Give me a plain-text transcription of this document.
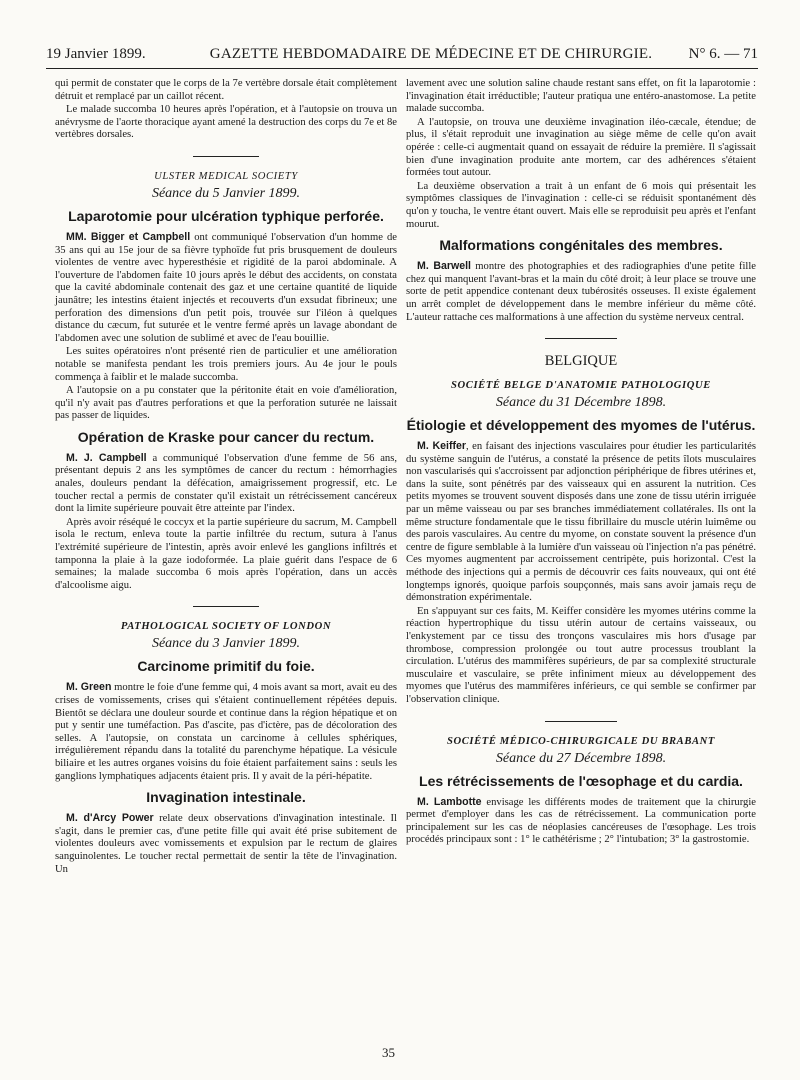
19 Janvier 1899.	GAZETTE HEBDOMADAIRE DE MÉDECINE ET DE CHIRURGIE.	N° 6. — 71

qui permit de constater que le corps de la 7e vertèbre dorsale était complètement détruit et remplacé par un caillot récent.

Le malade succomba 10 heures après l'opération, et à l'autopsie on trouva un anévrysme de l'aorte thoracique ayant amené la destruction des corps du 7e et 8e vertèbres dorsales.

ULSTER MEDICAL SOCIETY
Séance du 5 Janvier 1899.
Laparotomie pour ulcération typhique perforée.

MM. Bigger et Campbell ont communiqué l'observation d'un homme de 35 ans qui au 15e jour de sa fièvre typhoïde fut pris brusquement de douleurs violentes de ventre avec hyperesthésie et rigidité de la paroi abdominale. A l'ouverture de l'abdomen faite 10 jours après le début des accidents, on constata que la cavité abdominale contenait des gaz et une certaine quantité de liquide jaunâtre; les intestins étaient injectés et recouverts d'un exsudat fibrineux; une perforation des dimensions d'un petit pois, trouvée sur l'iléon à quelques distance du cæcum, fut suturée et le ventre fermé après un lavage abondant de l'abdomen avec une solution de sublimé et avec de l'eau bouillie.

Les suites opératoires n'ont présenté rien de particulier et une amélioration notable se manifesta pendant les trois premiers jours. Au 4e jour le pouls commença à faiblir et le malade succomba.

A l'autopsie on a pu constater que la péritonite était en voie d'amélioration, qu'il n'y avait pas d'autres perforations et que la perforation suturée ne laissait pas passer de liquides.

Opération de Kraske pour cancer du rectum.

M. J. Campbell a communiqué l'observation d'une femme de 56 ans, présentant depuis 2 ans les symptômes de cancer du rectum : hémorrhagies anales, douleurs pendant la défécation, amaigrissement progressif, etc. Le toucher rectal a permis de constater qu'il existait un rétrécissement cancéreux dont la limite supérieure pouvait être atteinte par l'index.

Après avoir réséqué le coccyx et la partie supérieure du sacrum, M. Campbell isola le rectum, enleva toute la partie infiltrée du rectum, sutura à l'anus l'extrémité supérieure de l'intestin, après avoir enlevé les ganglions infiltrés et tamponna la plaie à la gaze iodoformée. La plaie guérit dans l'espace de 6 semaines; la malade succomba 6 mois après l'opération, dans un accès d'alcoolisme aigu.

PATHOLOGICAL SOCIETY OF LONDON
Séance du 3 Janvier 1899.
Carcinome primitif du foie.

M. Green montre le foie d'une femme qui, 4 mois avant sa mort, avait eu des crises de vomissements, crises qui s'étaient continuellement répétées depuis. Bientôt se déclara une douleur sourde et continue dans la région hépatique et on put y sentir une tuméfaction. Pas d'ascite, pas d'ictère, pas de décoloration des selles. A l'autopsie, on constata un carcinome à cellules sphériques, irrégulièrement répandu dans la totalité du parenchyme hépatique. La vésicule biliaire et les autres organes voisins du foie étaient parfaitement sains : seuls les ganglions lymphatiques adjacents étaient pris. Il y avait de la péri-hépatite.

Invagination intestinale.

M. d'Arcy Power relate deux observations d'invagination intestinale. Il s'agit, dans le premier cas, d'une petite fille qui avait été prise subitement de violentes douleurs avec vomissements et expulsion par le rectum de glaires sanguinolentes. Le toucher rectal permettait de sentir la tête de l'invagination. Un

lavement avec une solution saline chaude restant sans effet, on fit la laparotomie : l'invagination était irréductible; l'auteur pratiqua une entéro-anastomose. La petite malade succomba.

A l'autopsie, on trouva une deuxième invagination iléo-cæcale, étendue; de plus, il s'était reproduit une invagination au siège même de celle qu'on avait opérée : celle-ci augmentait quand on essayait de réduire la première. Il s'agissait bien d'une invagination produite ante mortem, car des adhérences s'étaient formées tout autour.

La deuxième observation a trait à un enfant de 6 mois qui présentait les symptômes classiques de l'invagination : celle-ci se réduisit spontanément dès qu'on y toucha, le ventre étant ouvert. Mais elle se reproduisit peu après et l'enfant mourut.

Malformations congénitales des membres.

M. Barwell montre des photographies et des radiographies d'une petite fille chez qui manquent l'avant-bras et la main du côté droit; à leur place se trouve une sorte de petit appendice contenant deux tubérosités osseuses. Il existe également un arrêt complet de développement dans le membre inférieur du même côté. L'auteur rattache ces malformations à une affection du système nerveux central.

BELGIQUE
SOCIÉTÉ BELGE D'ANATOMIE PATHOLOGIQUE
Séance du 31 Décembre 1898.
Étiologie et développement des myomes de l'utérus.

M. Keiffer, en faisant des injections vasculaires pour étudier les particularités du système sanguin de l'utérus, a constaté la présence de petits îlots musculaires non vascularisés qui s'accroissent par adjonction périphérique de fibres utérines et, dans la suite, sont pénétrés par des vaisseaux qui en assurent la nutrition. Ces petits myomes se trouvent souvent disposés dans une zone de tissu utérin irriguée par un même vaisseau ou par ses branches immédiatement collatérales. Ils ont la même structure fondamentale que le tissu fibrillaire du muscle utérin luimême ou des parois vasculaires. Au centre du myome, on constate souvent la présence d'un centre de figure semblable à la lumière d'un vaisseau où l'injection n'a pas pénétré. Ces myomes augmentent par accroissement centripète, puis horizontal. C'est la méthode des injections qui a permis de découvrir ces faits nouveaux, qui ont été longtemps ignorés, quoique parfois soupçonnés, mais sans avoir jamais reçu de démonstration expérimentale.

En s'appuyant sur ces faits, M. Keiffer considère les myomes utérins comme la réaction hypertrophique du tissu utérin autour de certains vaisseaux, ou l'enkystement par ce tissu des tronçons vasculaires mis hors d'usage par thrombose, compression prolongée ou tout autre processus troublant la circulation. L'utérus des mammifères supérieurs, de par sa complexité structurale musculaire et vasculaire, se prête infiniment mieux au développement des myomes que l'utérus des mammifères inférieurs, ce qui semble se confirmer par l'observation clinique.

SOCIÉTÉ MÉDICO-CHIRURGICALE DU BRABANT
Séance du 27 Décembre 1898.
Les rétrécissements de l'œsophage et du cardia.

M. Lambotte envisage les différents modes de traitement que la chirurgie permet d'employer dans les cas de rétrécissement. La communication porte principalement sur les cas de néoplasies cancéreuses de l'œsophage. Les trois procédés principaux sont : 1° le cathétérisme ; 2° l'intubation; 3° la gastrostomie.

35
